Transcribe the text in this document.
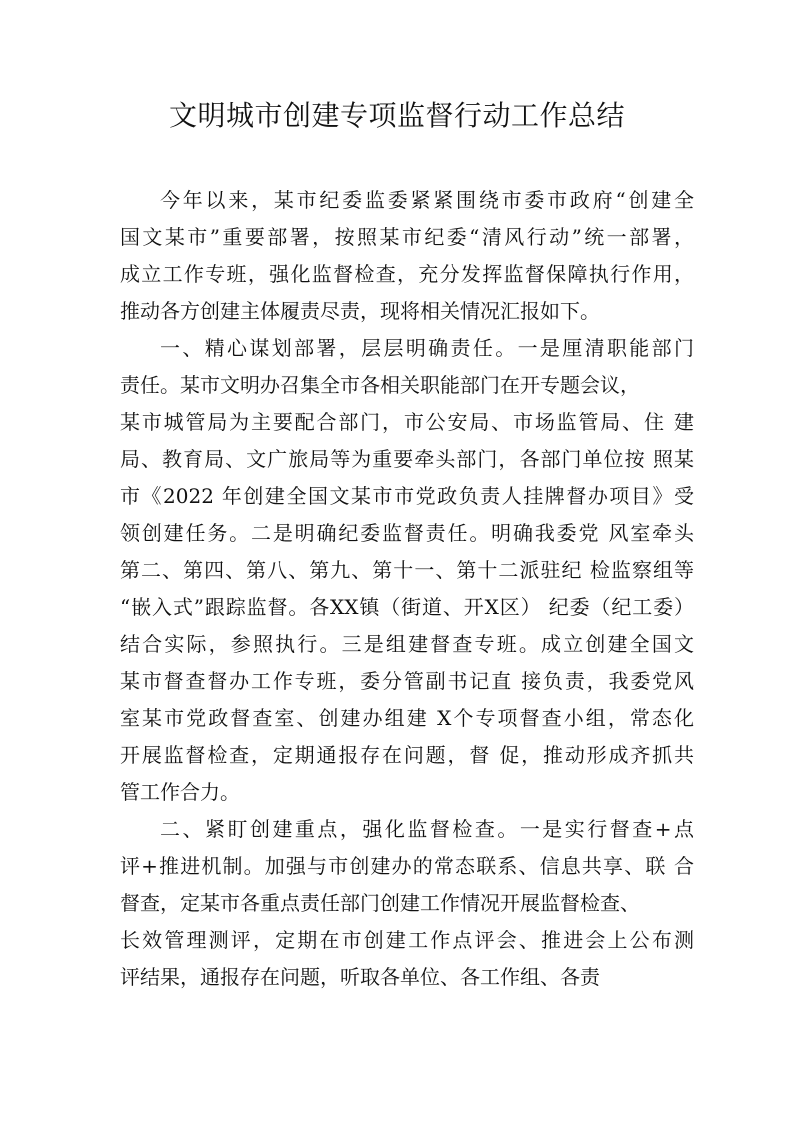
文明城市创建专项监督行动工作总结
今年以来，某市纪委监委紧紧围绕市委市政府“创建全
国文某市”重要部署，按照某市纪委“清风行动”统一部署，
成立工作专班，强化监督检查，充分发挥监督保障执行作用，
推动各方创建主体履责尽责，现将相关情况汇报如下。
一、精心谋划部署，层层明确责任。一是厘清职能部门
责任。某市文明办召集全市各相关职能部门在开专题会议，
某市城管局为主要配合部门，市公安局、市场监管局、住 建
局、教育局、文广旅局等为重要牵头部门，各部门单位按 照某
市《2022 年创建全国文某市市党政负责人挂牌督办项目》受
领创建任务。二是明确纪委监督责任。明确我委党 风室牵头
第二、第四、第八、第九、第十一、第十二派驻纪 检监察组等
“嵌入式”跟踪监督。各XX镇（街道、开X区） 纪委（纪工委）
结合实际，参照执行。三是组建督查专班。成立创建全国文
某市督查督办工作专班，委分管副书记直 接负责，我委党风
室某市党政督查室、创建办组建 X个专项督查小组，常态化
开展监督检查，定期通报存在问题，督 促，推动形成齐抓共
管工作合力。
二、紧盯创建重点，强化监督检查。一是实行督查+点
评+推进机制。加强与市创建办的常态联系、信息共享、联 合
督查，定某市各重点责任部门创建工作情况开展监督检查、
长效管理测评，定期在市创建工作点评会、推进会上公布测
评结果，通报存在问题，听取各单位、各工作组、各责
